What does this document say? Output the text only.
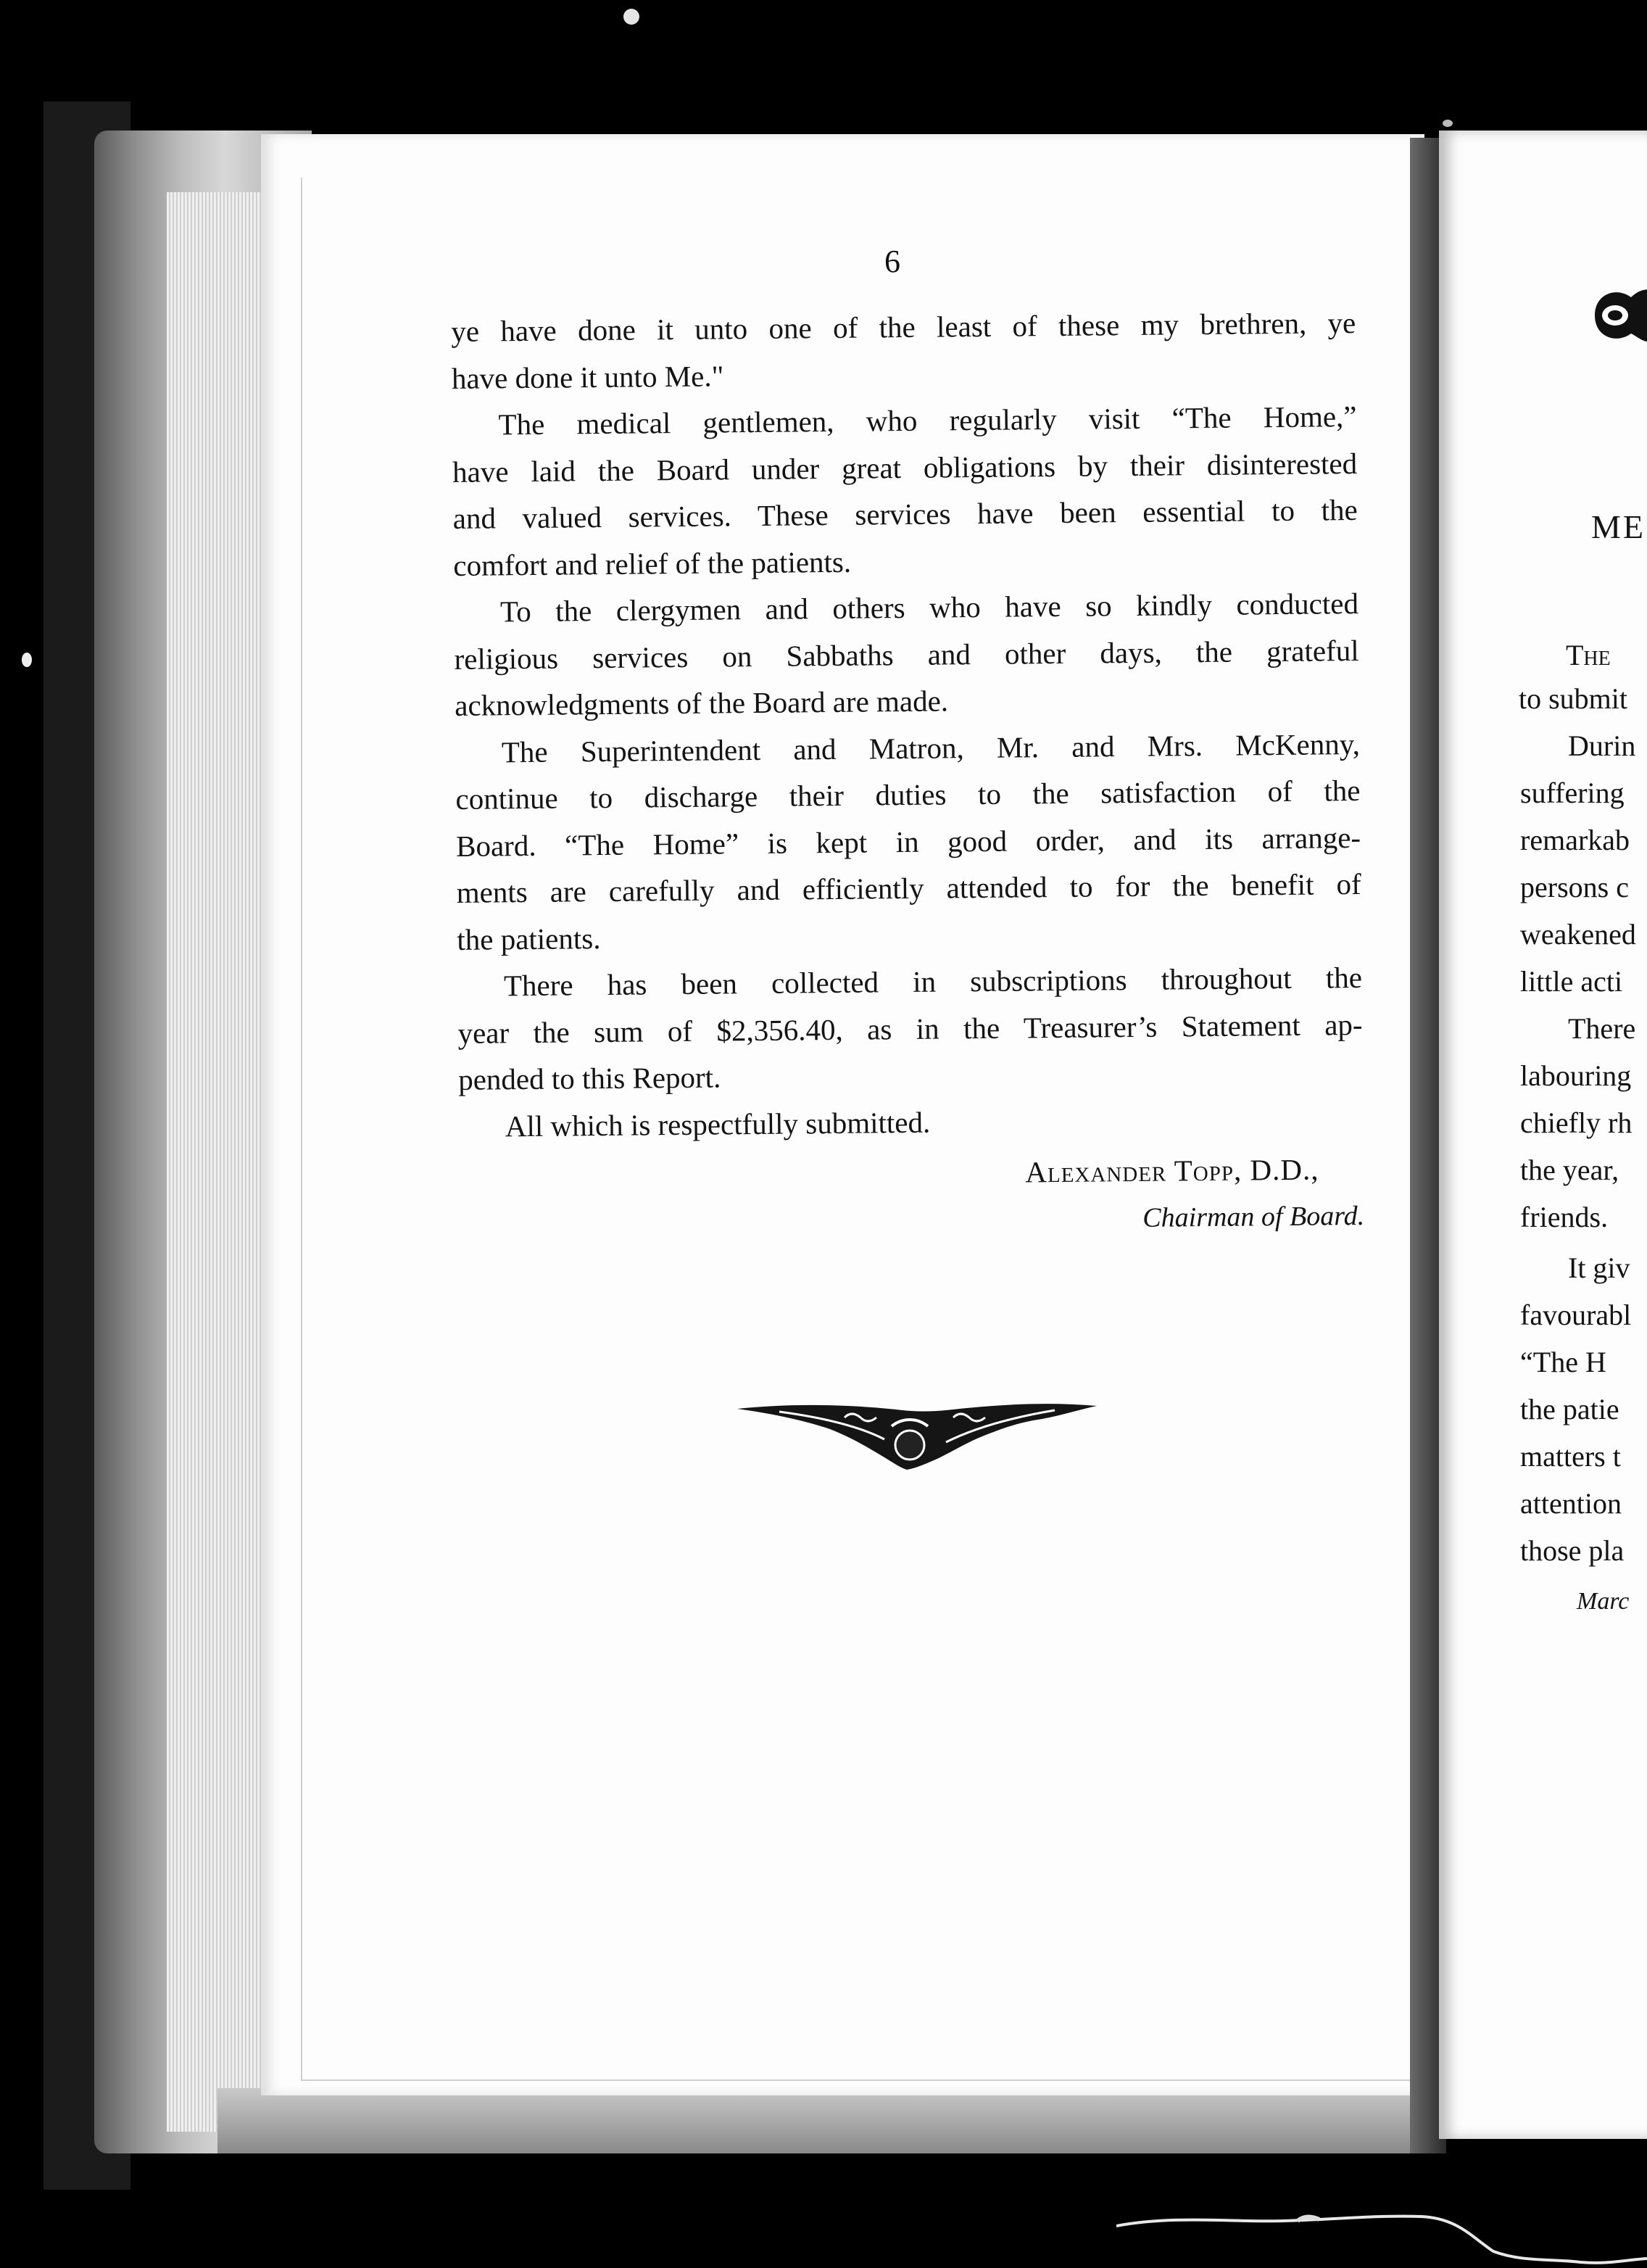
6

ye have done it unto one of the least of these my brethren, ye
have done it unto Me."

The medical gentlemen, who regularly visit “The Home,”
have laid the Board under great obligations by their disinterested
and valued services. These services have been essential to the
comfort and relief of the patients.

To the clergymen and others who have so kindly conducted
religious services on Sabbaths and other days, the grateful
acknowledgments of the Board are made.

The Superintendent and Matron, Mr. and Mrs. McKenny,
continue to discharge their duties to the satisfaction of the
Board. “The Home” is kept in good order, and its arrange-
ments are carefully and efficiently attended to for the benefit of
the patients.

There has been collected in subscriptions throughout the
year the sum of $2,356.40, as in the Treasurer’s Statement ap-
pended to this Report.

All which is respectfully submitted.

Alexander Topp, D.D.,

Chairman of Board.

ME
The
to submit
Durin
suffering
remarkab
persons c
weakened
little acti
There
labouring
chiefly rh
the year,
friends.
It giv
favourabl
“The H
the patie
matters t
attention
those pla
Marc
